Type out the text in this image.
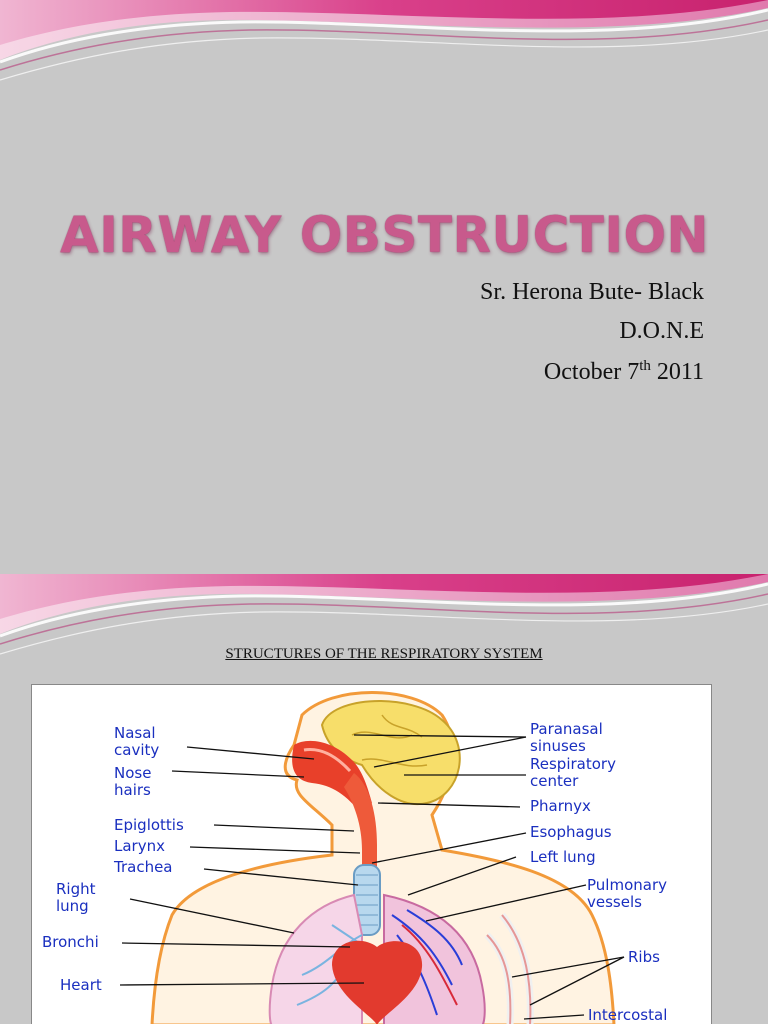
AIRWAY OBSTRUCTION

Sr. Herona Bute- Black

D.O.N.E

October 7th 2011

STRUCTURES OF THE RESPIRATORY SYSTEM

Nasal
cavity
Nose
hairs
Epiglottis
Larynx
Trachea
Right
lung
Bronchi
Heart
Paranasal
sinuses
Respiratory
center
Pharnyx
Esophagus
Left lung
Pulmonary
vessels
Ribs
Intercostal
